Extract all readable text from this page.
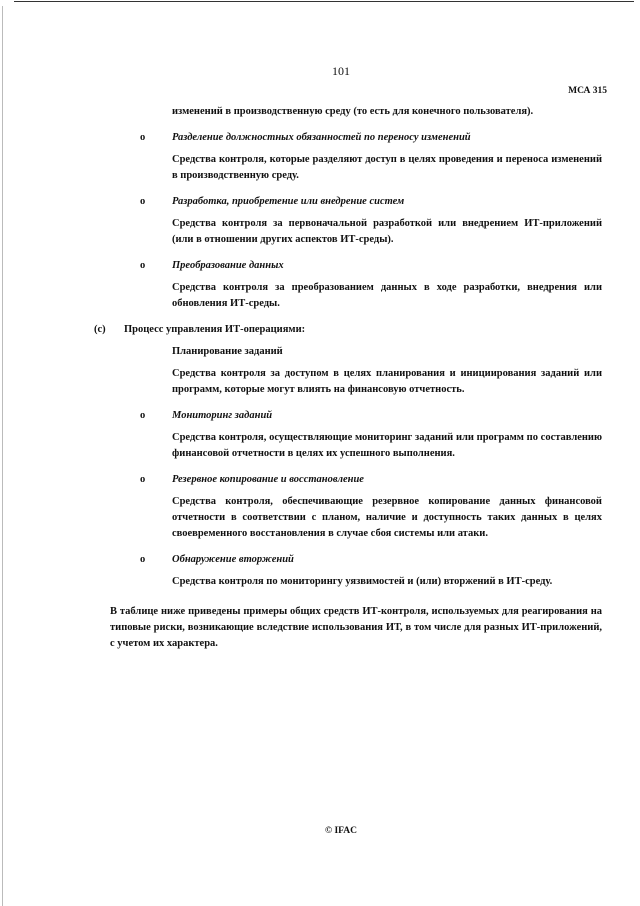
101
МСА 315
изменений в производственную среду (то есть для конечного пользователя).
o	Разделение должностных обязанностей по переносу изменений
Средства контроля, которые разделяют доступ в целях проведения и переноса изменений в производственную среду.
o	Разработка, приобретение или внедрение систем
Средства контроля за первоначальной разработкой или внедрением ИТ-приложений (или в отношении других аспектов ИТ-среды).
o	Преобразование данных
Средства контроля за преобразованием данных в ходе разработки, внедрения или обновления ИТ-среды.
(c)	Процесс управления ИТ-операциями:
Планирование заданий
Средства контроля за доступом в целях планирования и инициирования заданий или программ, которые могут влиять на финансовую отчетность.
o	Мониторинг заданий
Средства контроля, осуществляющие мониторинг заданий или программ по составлению финансовой отчетности в целях их успешного выполнения.
o	Резервное копирование и восстановление
Средства контроля, обеспечивающие резервное копирование данных финансовой отчетности в соответствии с планом, наличие и доступность таких данных в целях своевременного восстановления в случае сбоя системы или атаки.
o	Обнаружение вторжений
Средства контроля по мониторингу уязвимостей и (или) вторжений в ИТ-среду.
В таблице ниже приведены примеры общих средств ИТ-контроля, используемых для реагирования на типовые риски, возникающие вследствие использования ИТ, в том числе для разных ИТ-приложений, с учетом их характера.
© IFAC
